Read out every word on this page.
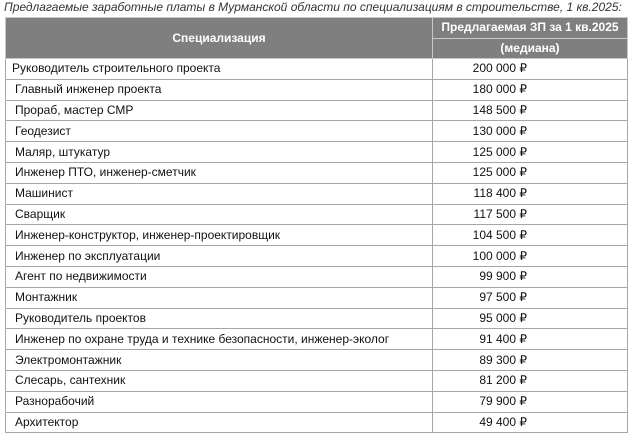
Предлагаемые заработные платы в Мурманской области по специализациям в строительстве, 1 кв.2025:
Специализация	Предлагаемая ЗП за 1 кв.2025
	(медиана)
Руководитель строительного проекта	200 000 ₽
Главный инженер проекта	180 000 ₽
Прораб, мастер СМР	148 500 ₽
Геодезист	130 000 ₽
Маляр, штукатур	125 000 ₽
Инженер ПТО, инженер-сметчик	125 000 ₽
Машинист	118 400 ₽
Сварщик	117 500 ₽
Инженер-конструктор, инженер-проектировщик	104 500 ₽
Инженер по эксплуатации	100 000 ₽
Агент по недвижимости	99 900 ₽
Монтажник	97 500 ₽
Руководитель проектов	95 000 ₽
Инженер по охране труда и технике безопасности, инженер-эколог	91 400 ₽
Электромонтажник	89 300 ₽
Слесарь, сантехник	81 200 ₽
Разнорабочий	79 900 ₽
Архитектор	49 400 ₽
